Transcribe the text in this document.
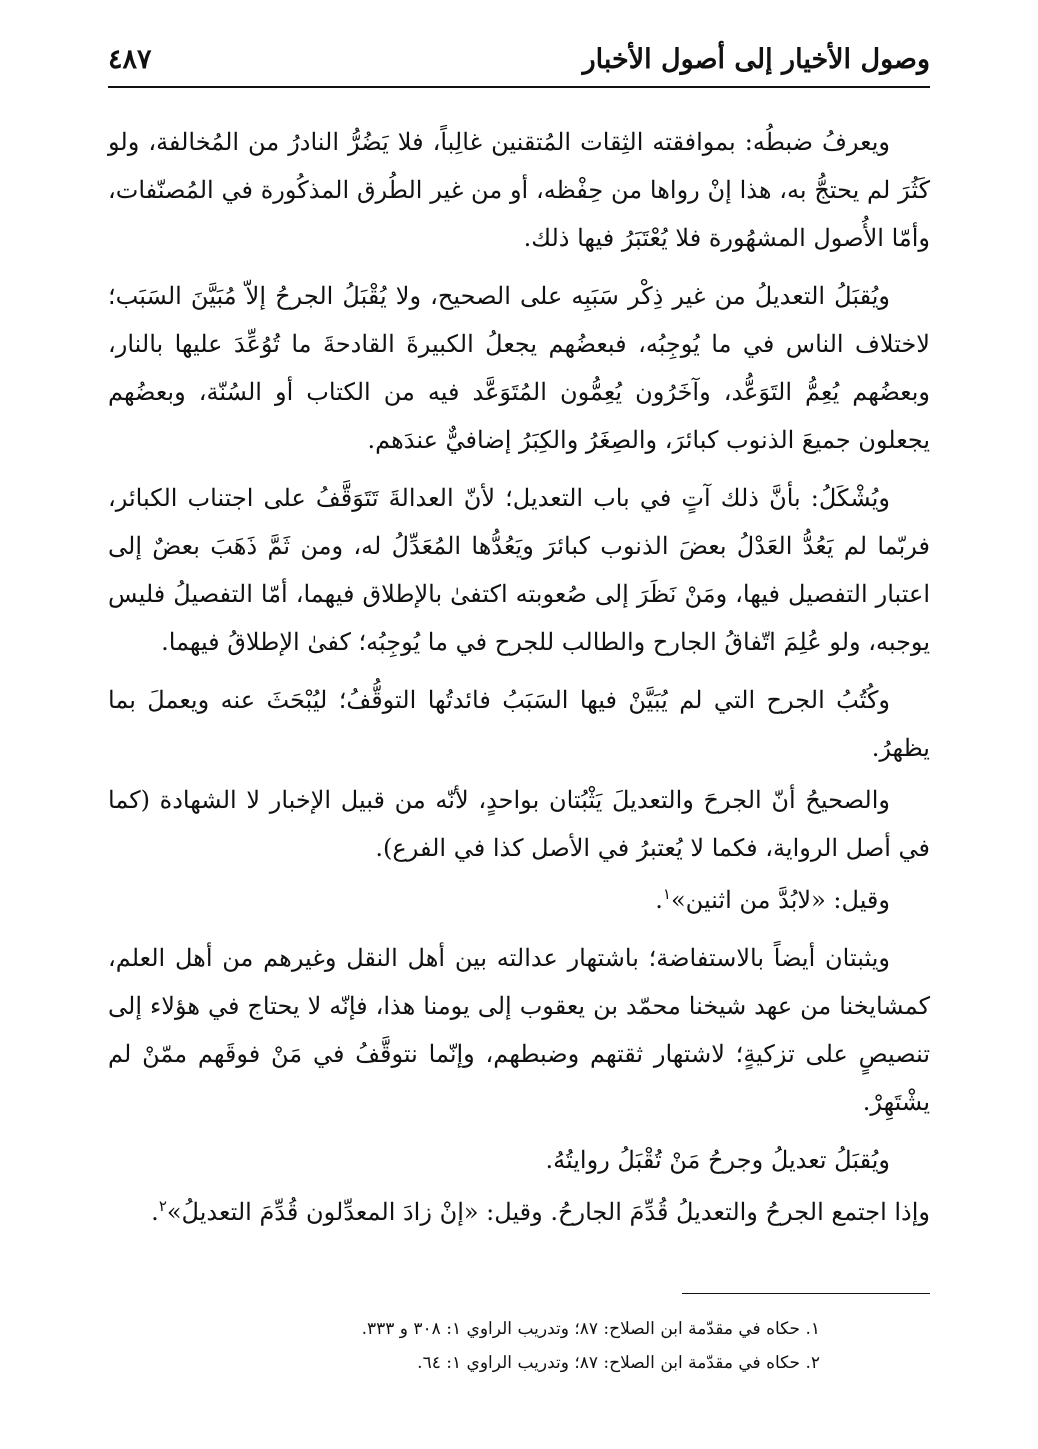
وصول الأخيار إلى أصول الأخبار
٤٨٧

ويعرفُ ضبطُه: بموافقته الثِقات المُتقنين غالِباً، فلا يَضُرُّ النادرُ من المُخالفة، ولو كَثُرَ لم يحتجُّ به، هذا إنْ رواها من حِفْظه، أو من غير الطُرق المذكُورة في المُصنّفات، وأمّا الأُصول المشهُورة فلا يُعْتَبَرُ فيها ذلك.

ويُقبَلُ التعديلُ من غير ذِكْر سَبَبِه على الصحيح، ولا يُقْبَلُ الجرحُ إلاّ مُبَيَّنَ السَبَب؛ لاختلاف الناس في ما يُوجِبُه، فبعضُهم يجعلُ الكبيرةَ القادحةَ ما تُوُعِّدَ عليها بالنار، وبعضُهم يُعِمُّ التَوَعُّد، وآخَرُون يُعِمُّون المُتَوَعَّد فيه من الكتاب أو السُنّة، وبعضُهم يجعلون جميعَ الذنوب كبائرَ، والصِغَرُ والكِبَرُ إضافيٌّ عندَهم.

ويُشْكَلُ: بأنَّ ذلك آتٍ في باب التعديل؛ لأنّ العدالةَ تَتَوَقَّفُ على اجتناب الكبائر، فربّما لم يَعُدُّ العَدْلُ بعضَ الذنوب كبائرَ ويَعُدُّها المُعَدِّلُ له، ومن ثَمَّ ذَهَبَ بعضٌ إلى اعتبار التفصيل فيها، ومَنْ نَظَرَ إلى صُعوبته اكتفىٰ بالإطلاق فيهما، أمّا التفصيلُ فليس يوجبه، ولو عُلِمَ اتّفاقُ الجارح والطالب للجرح في ما يُوجِبُه؛ كفىٰ الإطلاقُ فيهما.

وكُتُبُ الجرح التي لم يُبَيَّنْ فيها السَبَبُ فائدتُها التوقُّفُ؛ ليُبْحَثَ عنه ويعملَ بما يظهرُ.

والصحيحُ أنّ الجرحَ والتعديلَ يَثْبُتان بواحدٍ، لأنّه من قبيل الإخبار لا الشهادة (كما في أصل الرواية، فكما لا يُعتبرُ في الأصل كذا في الفرع).

وقيل: «لابُدَّ من اثنين»$^١$.

ويثبتان أيضاً بالاستفاضة؛ باشتهار عدالته بين أهل النقل وغيرهم من أهل العلم، كمشايخنا من عهد شيخنا محمّد بن يعقوب إلى يومنا هذا، فإنّه لا يحتاج في هؤلاء إلى تنصيصٍ على تزكيةٍ؛ لاشتهار ثقتهم وضبطهم، وإنّما نتوقَّفُ في مَنْ فوقَهم ممّنْ لم يشْتَهِرْ.

ويُقبَلُ تعديلُ وجرحُ مَنْ تُقْبَلُ روايتُهُ.

وإذا اجتمع الجرحُ والتعديلُ قُدِّمَ الجارحُ. وقيل: «إنْ زادَ المعدِّلون قُدِّمَ التعديلُ»$^٢$.

١. حكاه في مقدّمة ابن الصلاح: ٨٧؛ وتدريب الراوي ١: ٣٠٨ و ٣٣٣.

٢. حكاه في مقدّمة ابن الصلاح: ٨٧؛ وتدريب الراوي ١: ٦٤.
